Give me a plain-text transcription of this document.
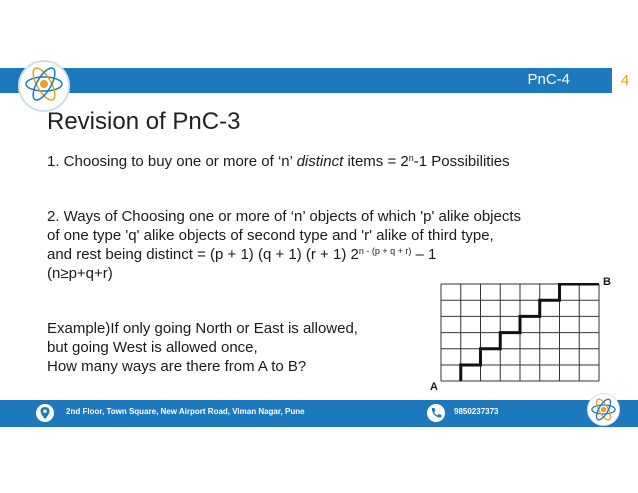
PnC-4	4
Revision of PnC-3
1. Choosing to buy one or more of ‘n’ distinct items = $2^n-1$ Possibilities
2. Ways of Choosing one or more of ‘n’ objects of which 'p' alike objects
of one type 'q' alike objects of second type and 'r' alike of third type,
and rest being distinct = (p + 1) (q + 1) (r + 1) $2^{n - (p + q + r)} - 1$
(n≥p+q+r)
Example)If only going North or East is allowed,
but going West is allowed once,
How many ways are there from A to B?
A
B
2nd Floor, Town Square, New Airport Road, Viman Nagar, Pune	9850237373
